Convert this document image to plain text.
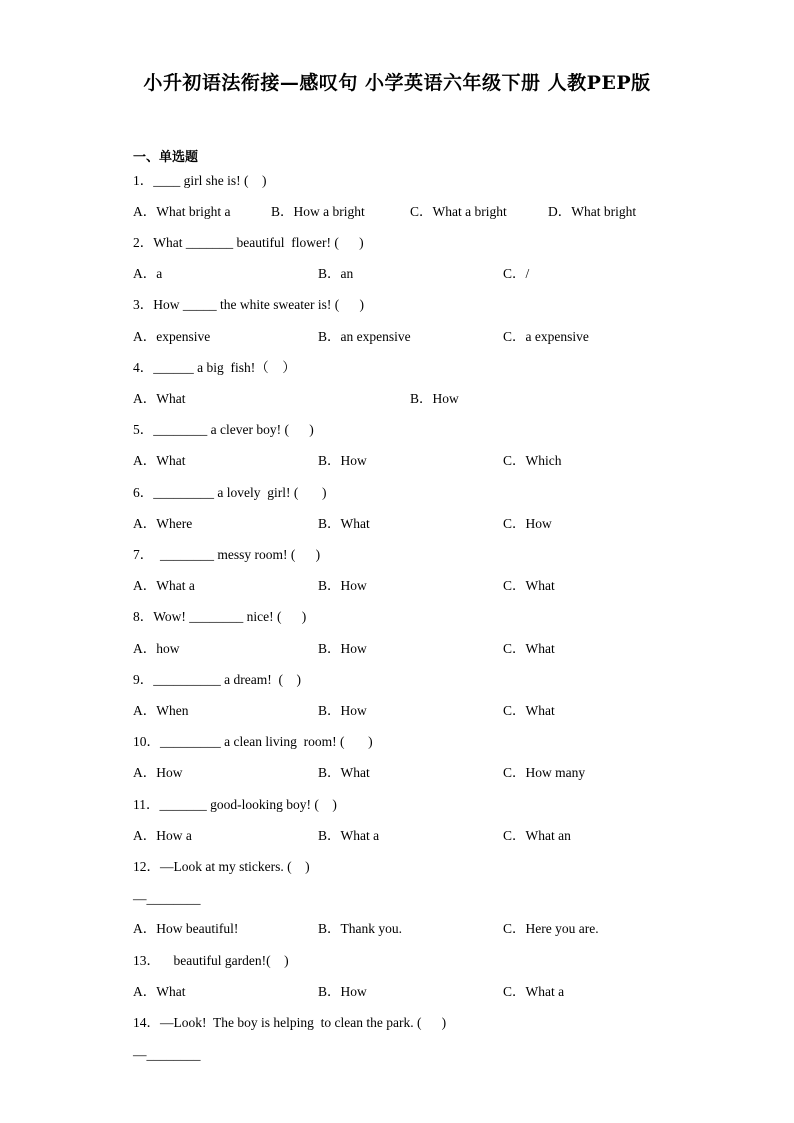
小升初语法衔接—感叹句 小学英语六年级下册 人教PEP版
一、单选题
1．____ girl she is! (    )
A．What bright a	B．How a bright	C．What a bright	D．What bright
2．What _______ beautiful  flower! (      )
A．a	B．an	C．/
3．How _____ the white sweater is! (      )
A．expensive	B．an expensive	C．a expensive
4．______ a big  fish!（    ）
A．What	B．How
5．________ a clever boy! (      )
A．What	B．How	C．Which
6．_________ a lovely  girl! (       )
A．Where	B．What	C．How
7．  ________ messy room! (      )
A．What a	B．How	C．What
8．Wow! ________ nice! (      )
A．how	B．How	C．What
9．__________ a dream!  (    )
A．When	B．How	C．What
10．_________ a clean living  room! (       )
A．How	B．What	C．How many
11．_______ good-looking boy! (    )
A．How a	B．What a	C．What an
12．—Look at my stickers. (    )
—________
A．How beautiful!	B．Thank you.	C．Here you are.
13．    beautiful garden!(    )
A．What	B．How	C．What a
14．—Look!  The boy is helping  to clean the park. (      )
—________
